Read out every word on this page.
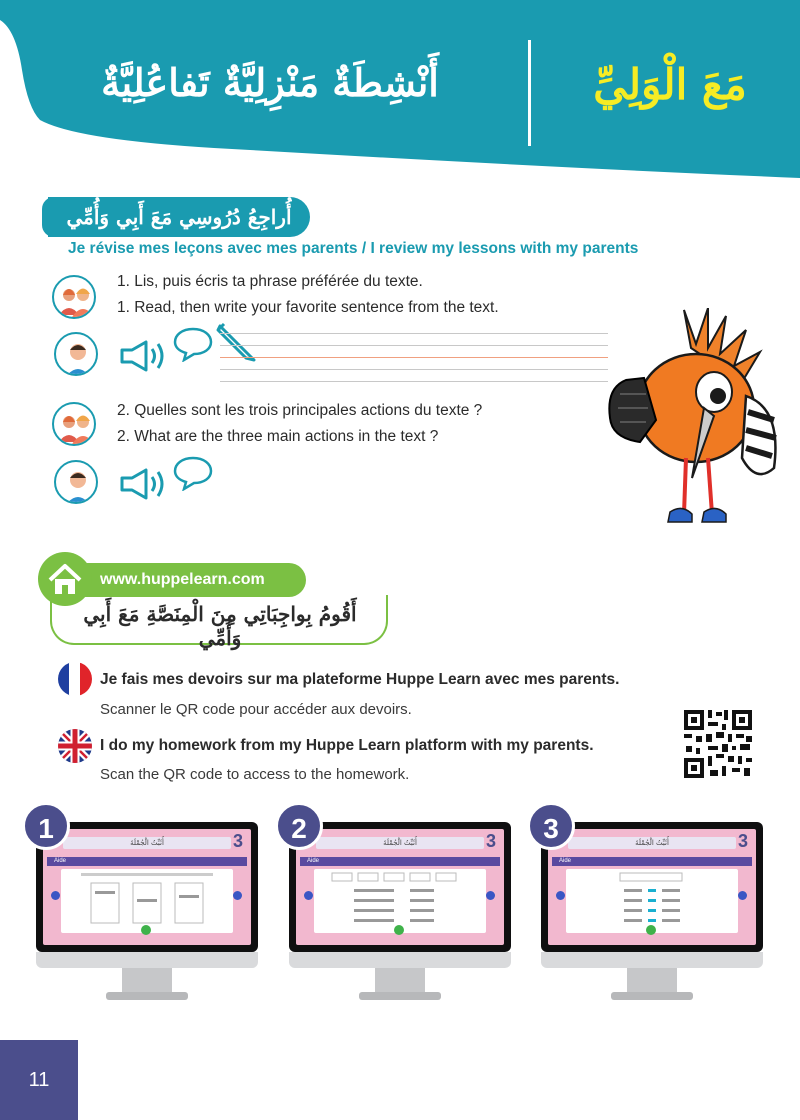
أَنْشِطَةٌ مَنْزِلِيَّةٌ تَفاعُلِيَّةٌ	مَعَ الْوَلِيِّ
أُراجِعُ دُرُوسِي مَعَ أَبِي وَأُمِّي
Je révise mes leçons avec mes parents / I review my lessons with my parents
1. Lis, puis écris ta phrase préférée du texte.
1. Read, then write your favorite sentence from the text.
2. Quelles sont les trois principales actions du texte ?
2. What are the three main actions in the text ?
www.huppelearn.com
أَقُومُ بِواجِبَاتِي مِنَ الْمِنَصَّةِ مَعَ أَبِي وَأُمِّي
Je fais mes devoirs sur ma plateforme Huppe Learn avec mes parents.
Scanner le QR code pour accéder aux devoirs.
I do my homework from my Huppe Learn platform with my parents.
Scan the QR code to access to the homework.
أُثَبِّتُ الْجُمْلَةَ	3
Aide
1	أُثَبِّتُ الْجُمْلَةَ	3
Aide
2	أُثَبِّتُ الْجُمْلَةَ	3
Aide
3
11
